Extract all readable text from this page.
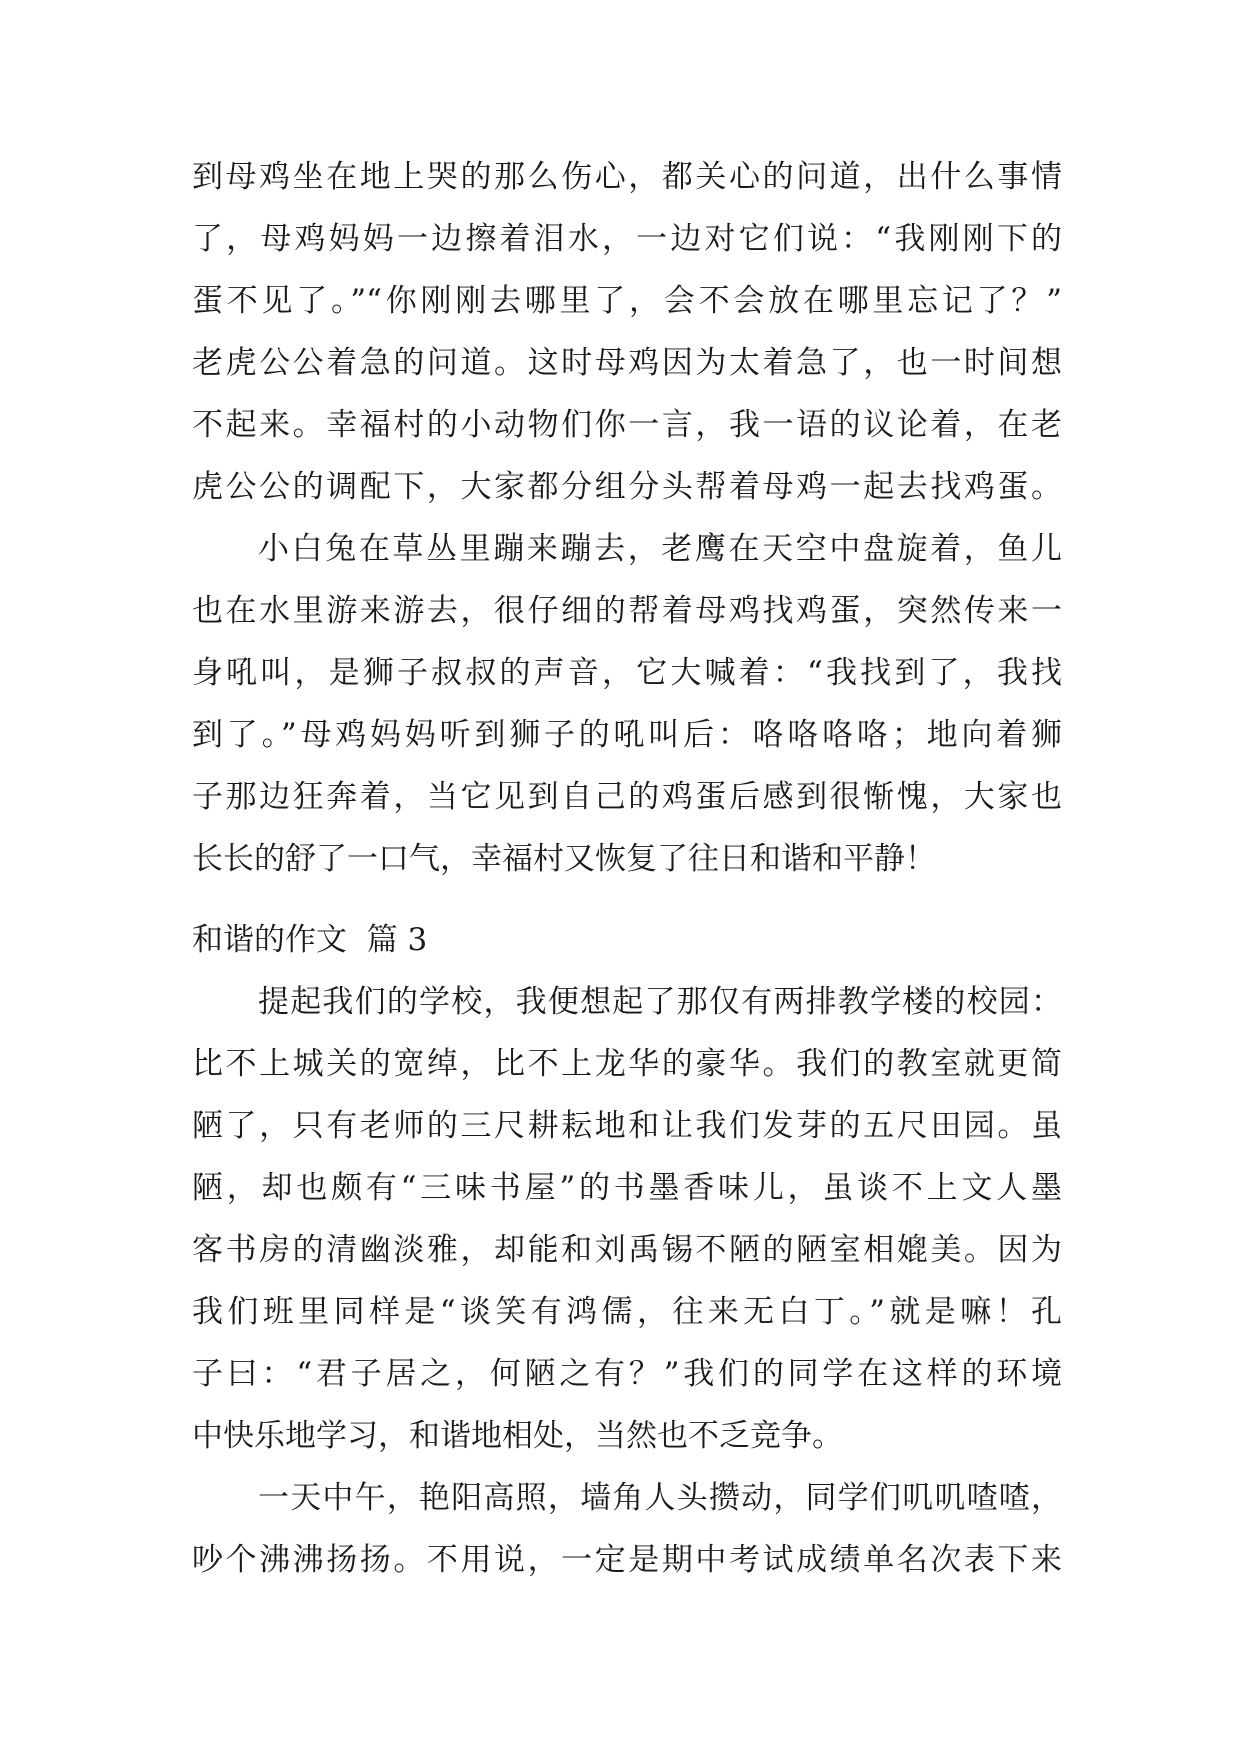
到母鸡坐在地上哭的那么伤心，都关心的问道，出什么事情
了，母鸡妈妈一边擦着泪水，一边对它们说：“我刚刚下的
蛋不见了。”“你刚刚去哪里了，会不会放在哪里忘记了？”
老虎公公着急的问道。这时母鸡因为太着急了，也一时间想
不起来。幸福村的小动物们你一言，我一语的议论着，在老
虎公公的调配下，大家都分组分头帮着母鸡一起去找鸡蛋。
小白兔在草丛里蹦来蹦去，老鹰在天空中盘旋着，鱼儿
也在水里游来游去，很仔细的帮着母鸡找鸡蛋，突然传来一
身吼叫，是狮子叔叔的声音，它大喊着：“我找到了，我找
到了。”母鸡妈妈听到狮子的吼叫后：咯咯咯咯；地向着狮
子那边狂奔着，当它见到自己的鸡蛋后感到很惭愧，大家也
长长的舒了一口气，幸福村又恢复了往日和谐和平静！
和谐的作文  篇 3
提起我们的学校，我便想起了那仅有两排教学楼的校园：
比不上城关的宽绰，比不上龙华的豪华。我们的教室就更简
陋了，只有老师的三尺耕耘地和让我们发芽的五尺田园。虽
陋，却也颇有“三味书屋”的书墨香味儿，虽谈不上文人墨
客书房的清幽淡雅，却能和刘禹锡不陋的陋室相媲美。因为
我们班里同样是“谈笑有鸿儒，往来无白丁。”就是嘛！孔
子曰：“君子居之，何陋之有？”我们的同学在这样的环境
中快乐地学习，和谐地相处，当然也不乏竞争。
一天中午，艳阳高照，墙角人头攒动，同学们叽叽喳喳，
吵个沸沸扬扬。不用说，一定是期中考试成绩单名次表下来
